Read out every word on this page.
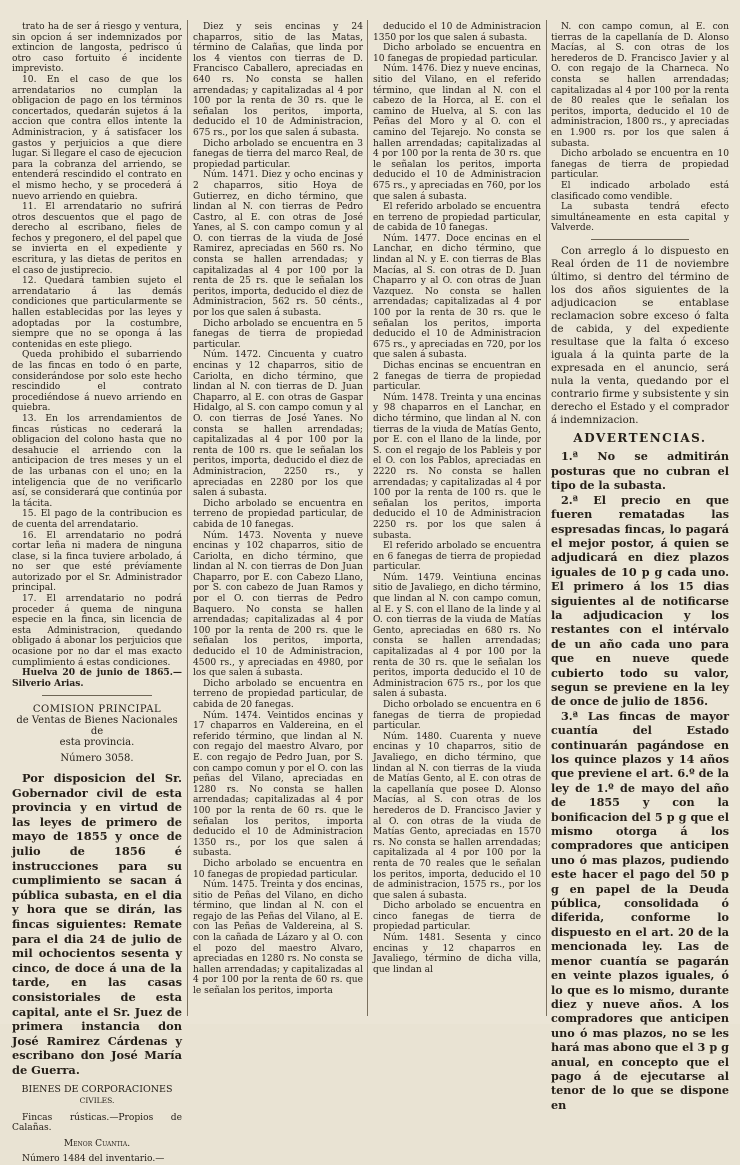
trato ha de ser á riesgo y ventura, sin opcion á ser indemnizados por extincion de langosta, pedrisco ú otro caso fortuito é incidente imprevisto.

10. En el caso de que los arrendatarios no cumplan la obligacion de pago en los términos concertados, quedarán sujetos á la accion que contra ellos intente la Administracion, y á satisfacer los gastos y perjuicios a que diere lugar. Si llegare el caso de ejecucion para la cobranza del arriendo, se entenderá rescindido el contrato en el mismo hecho, y se procederá á nuevo arriendo en quiebra.

11. El arrendatario no sufrirá otros descuentos que el pago de derecho al escribano, fieles de fechos y pregonero, el del papel que se invierta en el expediente y escritura, y las dietas de peritos en el caso de justiprecio.

12. Quedará tambien sujeto el arrendatario á las demás condiciones que particularmente se hallen establecidas por las leyes y adoptadas por la costumbre, siempre que no se oponga á las contenidas en este pliego.

Queda prohibido el subarriendo de las fincas en todo ó en parte, considerándose por solo este hecho rescindido el contrato procediéndose á nuevo arriendo en quiebra.

13. En los arrendamientos de fincas rústicas no cederará la obligacion del colono hasta que no desahucie el arriendo con la anticipacion de tres meses y un el de las urbanas con el uno; en la inteligencia que de no verificarlo así, se considerará que continúa por la tácita.

15. El pago de la contribucion es de cuenta del arrendatario.

16. El arrendatario no podrá cortar leña ni madera de ninguna clase, si la finca tuviere arbolado, á no ser que esté prévíamente autorizado por el Sr. Administrador principal.

17. El arrendatario no podrá proceder á quema de ninguna especie en la finca, sin licencia de esta Administracion, quedando obligado á abonar los perjuicios que ocasione por no dar el mas exacto cumplimiento á estas condiciones.

Huelva 20 de junio de 1865.—Silverio Arias.

COMISION PRINCIPAL
de Ventas de Bienes Nacionales de
esta provincia.
Número 3058.

Por disposicion del Sr. Gobernador civil de esta provincia y en virtud de las leyes de primero de mayo de 1855 y once de julio de 1856 é instrucciones para su cumplimiento se sacan á pública subasta, en el dia y hora que se dirán, las fincas siguientes: Remate para el dia 24 de julio de mil ochocientos sesenta y cinco, de doce á una de la tarde, en las casas consistoriales de esta capital, ante el Sr. Juez de primera instancia don José Ramirez Cárdenas y escribano don José María de Guerra.

BIENES DE CORPORACIONES
CIVILES.

Fincas rústicas.—Propios de Calañas.

Menor Cuantia.

Número 1484 del inventario.—

Diez y seis encinas y 24 chaparros, sitio de las Matas, término de Calañas, que linda por los 4 vientos con tierras de D. Francisco Caballero, apreciadas en 640 rs. No consta se hallen arrendadas; y capitalizadas al 4 por 100 por la renta de 30 rs. que le señalan los peritos, importa, deducido el 10 de Administracion, 675 rs., por los que salen á subasta.

Dicho arbolado se encuentra en 3 fanegas de tierra del marco Real, de propiedad particular.

Núm. 1471. Diez y ocho encinas y 2 chaparros, sitio Hoya de Gutierrez, en dicho término, que lindan al N. con tierras de Pedro Castro, al E. con otras de José Yanes, al S. con campo comun y al O. con tierras de la viuda de José Ramirez, apreciadas en 560 rs. No consta se hallen arrendadas; y capitalizadas al 4 por 100 por la renta de 25 rs. que le señalan los peritos, importa, deducido el diez de Administracion, 562 rs. 50 cénts., por los que salen á subasta.

Dicho arbolado se encuentra en 5 fanegas de tierra de propiedad particular.

Núm. 1472. Cincuenta y cuatro encinas y 12 chaparros, sitio de Cariolta, en dicho término, que lindan al N. con tierras de D. Juan Chaparro, al E. con otras de Gaspar Hidalgo, al S. con campo comun y al O. con tierras de José Yanes. No consta se hallen arrendadas; capitalizadas al 4 por 100 por la renta de 100 rs. que le señalan los peritos, importa, deducido el diez de Administracion, 2250 rs., y apreciadas en 2280 por los que salen á subasta.

Dicho arbolado se encuentra en terreno de propiedad particular, de cabida de 10 fanegas.

Núm. 1473. Noventa y nueve encinas y 102 chaparros, sitio de Cariolta, en dicho término, que lindan al N. con tierras de Don Juan Chaparro, por E. con Cabezo Llano, por S. con cabezo de Juan Ramos y por el O. con tierras de Pedro Baquero. No consta se hallen arrendadas; capitalizadas al 4 por 100 por la renta de 200 rs. que le señalan los peritos, importa, deducido el 10 de Administracion, 4500 rs., y apreciadas en 4980, por los que salen á subasta.

Dicho arbolado se encuentra en terreno de propiedad particular, de cabida de 20 fanegas.

Núm. 1474. Veintidos encinas y 17 chaparros en Valdereina, en el referido término, que lindan al N. con regajo del maestro Alvaro, por E. con regajo de Pedro Juan, por S. con campo comun y por el O. con las peñas del Vilano, apreciadas en 1280 rs. No consta se hallen arrendadas; capitalizadas al 4 por 100 por la renta de 60 rs. que le señalan los peritos, importa deducido el 10 de Administracion 1350 rs., por los que salen á subasta.

Dicho arbolado se encuentra en 10 fanegas de propiedad particular.

Núm. 1475. Treinta y dos encinas, sitio de Peñas del Vilano, en dicho término, que lindan al N. con el regajo de las Peñas del Vilano, al E. con las Peñas de Valdereina, al S. con la cañada de Lázaro y al O. con el pozo del maestro Alvaro, apreciadas en 1280 rs. No consta se hallen arrendadas; y capitalizadas al 4 por 100 por la renta de 60 rs. que le señalan los peritos, importa

deducido el 10 de Administracion 1350 por los que salen á subasta.

Dicho arbolado se encuentra en 10 fanegas de propiedad particular.

Núm. 1476. Diez y nueve encinas, sitio del Vilano, en el referido término, que lindan al N. con el cabezo de la Horca, al E. con el camino de Huelva, al S. con las Peñas del Moro y al O. con el camino del Tejarejo. No consta se hallen arrendadas; capitalizadas al 4 por 100 por la renta de 30 rs. que le señalan los peritos, importa deducido el 10 de Administracion 675 rs., y apreciadas en 760, por los que salen á subasta.

El referido arbolado se encuentra en terreno de propiedad particular, de cabida de 10 fanegas.

Núm. 1477. Doce encinas en el Lanchar, en dicho término, que lindan al N. y E. con tierras de Blas Macías, al S. con otras de D. Juan Chaparro y al O. con otras de Juan Vazquez. No consta se hallen arrendadas; capitalizadas al 4 por 100 por la renta de 30 rs. que le señalan los peritos, importa deducido el 10 de Administracion 675 rs., y apreciadas en 720, por los que salen á subasta.

Dichas encinas se encuentran en 2 fanegas de tierra de propiedad particular.

Núm. 1478. Treinta y una encinas y 98 chaparros en el Lanchar, en dicho término, que lindan al N. con tierras de la viuda de Matías Gento, por E. con el llano de la linde, por S. con el regajo de los Pableis y por el O. con los Pablos, apreciadas en 2220 rs. No consta se hallen arrendadas; y capitalizadas al 4 por 100 por la renta de 100 rs. que le señalan los peritos, importa deducido el 10 de Administracion 2250 rs. por los que salen á subasta.

El referido arbolado se encuentra en 6 fanegas de tierra de propiedad particular.

Núm. 1479. Veintiuna encinas sitio de Javaliego, en dicho término, que lindan al N. con campo comun, al E. y S. con el llano de la linde y al O. con tierras de la viuda de Matías Gento, apreciadas en 680 rs. No consta se hallen arrendadas; capitalizadas al 4 por 100 por la renta de 30 rs. que le señalan los peritos, importa deducido el 10 de Administracion 675 rs., por los que salen á subasta.

Dicho orbolado se encuentra en 6 fanegas de tierra de propiedad particular.

Núm. 1480. Cuarenta y nueve encinas y 10 chaparros, sitio de Javaliego, en dicho término, que lindan al N. con tierras de la viuda de Matías Gento, al E. con otras de la capellanía que posee D. Alonso Macías, al S. con otras de los herederos de D. Francisco Javier y al O. con otras de la viuda de Matías Gento, apreciadas en 1570 rs. No consta se hallen arrendadas; capitalizada al 4 por 100 por la renta de 70 reales que le señalan los peritos, importa, deducido el 10 de administracion, 1575 rs., por los que salen á subasta.

Dicho arbolado se encuentra en cinco fanegas de tierra de propiedad particular.

Núm. 1481. Sesenta y cinco encinas y 12 chaparros en Javaliego, término de dicha villa, que lindan al

N. con campo comun, al E. con tierras de la capellanía de D. Alonso Macías, al S. con otras de los herederos de D. Francisco Javier y al O. con regajo de la Charneca. No consta se hallen arrendadas; capitalizadas al 4 por 100 por la renta de 80 reales que le señalan los peritos, importa, deducido el 10 de administracion, 1800 rs., y apreciadas en 1.900 rs. por los que salen á subasta.

Dicho arbolado se encuentra en 10 fanegas de tierra de propiedad particular.

El indicado arbolado está clasificado como vendible.

La subasta tendrá efecto simultáneamente en esta capital y Valverde.

Con arreglo á lo dispuesto en Real órden de 11 de noviembre último, si dentro del término de los dos años siguientes de la adjudicacion se entablase reclamacion sobre exceso ó falta de cabida, y del expediente resultase que la falta ó exceso iguala á la quinta parte de la expresada en el anuncio, será nula la venta, quedando por el contrario firme y subsistente y sin derecho el Estado y el comprador á indemnizacion.

ADVERTENCIAS.

1.ª No se admitirán posturas que no cubran el tipo de la subasta.

2.ª El precio en que fueren rematadas las espresadas fincas, lo pagará el mejor postor, á quien se adjudicará en diez plazos iguales de 10 p g cada uno. El primero á los 15 dias siguientes al de notificarse la adjudicacion y los restantes con el intérvalo de un año cada uno para que en nueve quede cubierto todo su valor, segun se previene en la ley de once de julio de 1856.

3.ª Las fincas de mayor cuantía del Estado continuarán pagándose en los quince plazos y 14 años que previene el art. 6.º de la ley de 1.º de mayo del año de 1855 y con la bonificacion del 5 p g que el mismo otorga á los compradores que anticipen uno ó mas plazos, pudiendo este hacer el pago del 50 p g en papel de la Deuda pública, consolidada ó diferida, conforme lo dispuesto en el art. 20 de la mencionada ley. Las de menor cuantía se pagarán en veinte plazos iguales, ó lo que es lo mismo, durante diez y nueve años. A los compradores que anticipen uno ó mas plazos, no se les hará mas abono que el 3 p g anual, en concepto que el pago á de ejecutarse al tenor de lo que se dispone en
